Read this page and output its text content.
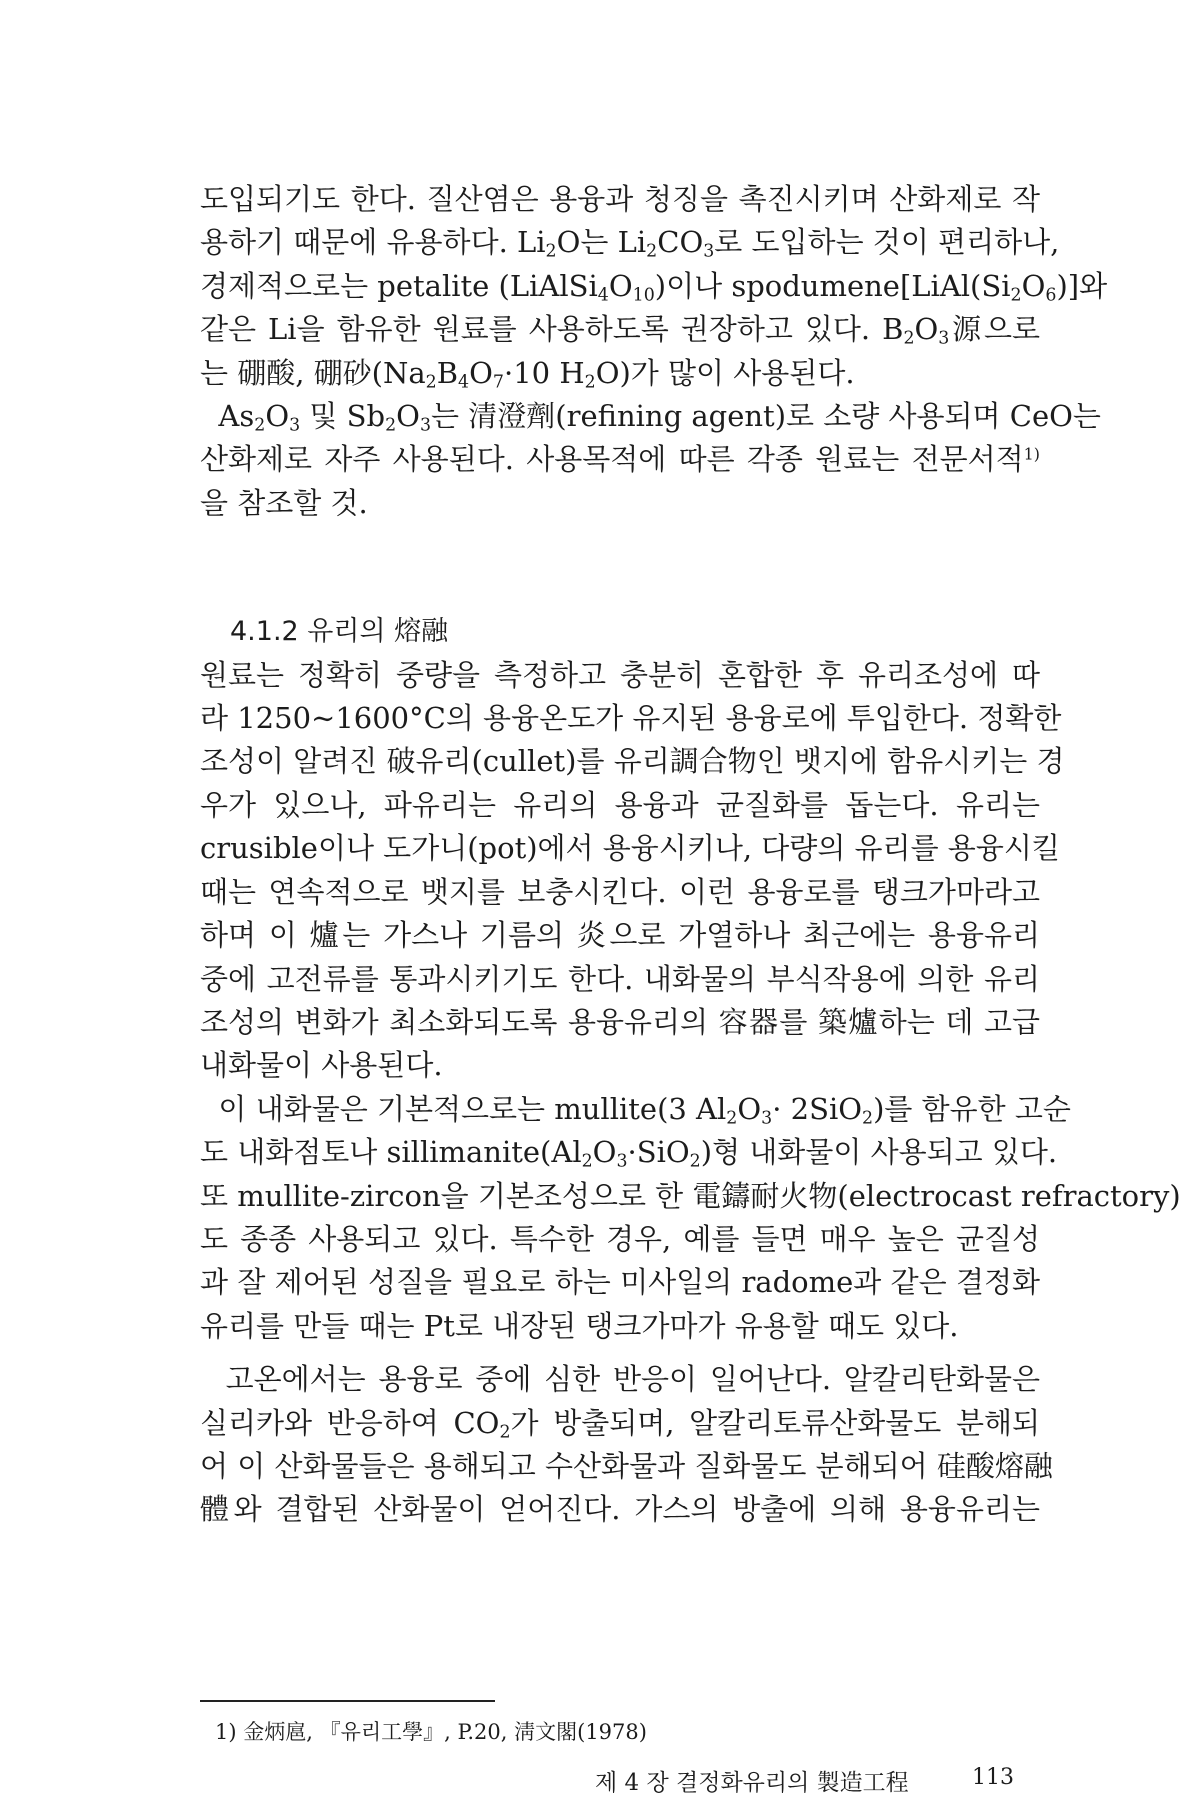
도입되기도 한다. 질산염은 용융과 청징을 촉진시키며 산화제로 작
용하기 때문에 유용하다. $Li_2O$는 $Li_2CO_3$로 도입하는 것이 편리하나,
경제적으로는 petalite $(LiAlSi_4O_{10})$이나 $spodumene[LiAl(Si_2O_6)]$와
같은 Li을 함유한 원료를 사용하도록 권장하고 있다. $B_2O_3$源으로
는 硼酸, 硼砂($Na_2B_4O_7\cdot 10$ $H_2O$)가 많이 사용된다.
$As_2O_3$ 및 $Sb_2O_3$는 清澄劑(refining agent)로 소량 사용되며 CeO는
산화제로 자주 사용된다. 사용목적에 따른 각종 원료는 전문서적$^{1)}$
을 참조할 것.
4.1.2 유리의 熔融
원료는 정확히 중량을 측정하고 충분히 혼합한 후 유리조성에 따
라 1250∼1600°C의 용융온도가 유지된 용융로에 투입한다. 정확한
조성이 알려진 破유리(cullet)를 유리調合物인 뱃지에 함유시키는 경
우가 있으나, 파유리는 유리의 용융과 균질화를 돕는다. 유리는
crusible이나 도가니(pot)에서 용융시키나, 다량의 유리를 용융시킬
때는 연속적으로 뱃지를 보충시킨다. 이런 용융로를 탱크가마라고
하며 이 爐는 가스나 기름의 炎으로 가열하나 최근에는 용융유리
중에 고전류를 통과시키기도 한다. 내화물의 부식작용에 의한 유리
조성의 변화가 최소화되도록 용융유리의 容器를 築爐하는 데 고급
내화물이 사용된다.
이 내화물은 기본적으로는 mullite(3 $Al_2O_3\cdot 2SiO_2$)를 함유한 고순
도 내화점토나 $sillimanite(Al_2O_3\cdot SiO_2)$형 내화물이 사용되고 있다.
또 mullite-zircon을 기본조성으로 한 電鑄耐火物(electrocast refractory)
도 종종 사용되고 있다. 특수한 경우, 예를 들면 매우 높은 균질성
과 잘 제어된 성질을 필요로 하는 미사일의 radome과 같은 결정화
유리를 만들 때는 Pt로 내장된 탱크가마가 유용할 때도 있다.
고온에서는 용융로 중에 심한 반응이 일어난다. 알칼리탄화물은
실리카와 반응하여 $CO_2$가 방출되며, 알칼리토류산화물도 분해되
어 이 산화물들은 용해되고 수산화물과 질화물도 분해되어 硅酸熔融
體와 결합된 산화물이 얻어진다. 가스의 방출에 의해 용융유리는
1) 金炳扈, 『유리工學』, P.20, 淸文閣(1978)
제 4 장 결정화유리의 製造工程	113
